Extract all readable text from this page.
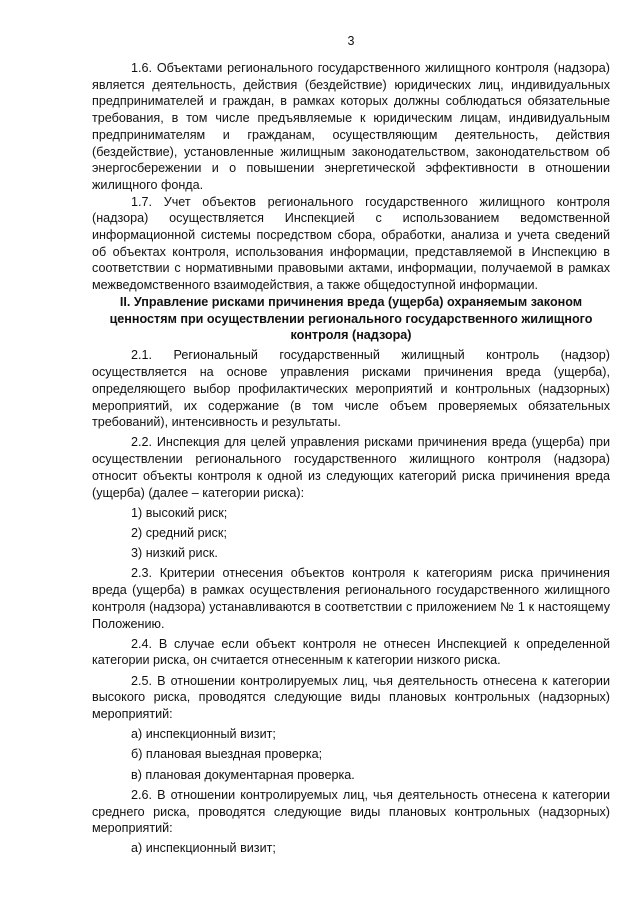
3

1.6. Объектами регионального государственного жилищного контроля (надзора) является деятельность, действия (бездействие) юридических лиц, индивидуальных предпринимателей и граждан, в рамках которых должны соблюдаться обязательные требования, в том числе предъявляемые к юридическим лицам, индивидуальным предпринимателям и гражданам, осуществляющим деятельность, действия (бездействие), установленные жилищным законодательством, законодательством об энергосбережении и о повышении энергетической эффективности в отношении жилищного фонда.

1.7. Учет объектов регионального государственного жилищного контроля (надзора) осуществляется Инспекцией с использованием ведомственной информационной системы посредством сбора, обработки, анализа и учета сведений об объектах контроля, использования информации, представляемой в Инспекцию в соответствии с нормативными правовыми актами, информации, получаемой в рамках межведомственного взаимодействия, а также общедоступной информации.

II. Управление рисками причинения вреда (ущерба) охраняемым законом ценностям при осуществлении регионального государственного жилищного контроля (надзора)

2.1. Региональный государственный жилищный контроль (надзор) осуществляется на основе управления рисками причинения вреда (ущерба), определяющего выбор профилактических мероприятий и контрольных (надзорных) мероприятий, их содержание (в том числе объем проверяемых обязательных требований), интенсивность и результаты.

2.2. Инспекция для целей управления рисками причинения вреда (ущерба) при осуществлении регионального государственного жилищного контроля (надзора) относит объекты контроля к одной из следующих категорий риска причинения вреда (ущерба) (далее – категории риска):

1) высокий риск;

2) средний риск;

3) низкий риск.

2.3. Критерии отнесения объектов контроля к категориям риска причинения вреда (ущерба) в рамках осуществления регионального государственного жилищного контроля (надзора) устанавливаются в соответствии с приложением № 1 к настоящему Положению.

2.4. В случае если объект контроля не отнесен Инспекцией к определенной категории риска, он считается отнесенным к категории низкого риска.

2.5. В отношении контролируемых лиц, чья деятельность отнесена к категории высокого риска, проводятся следующие виды плановых контрольных (надзорных) мероприятий:

а) инспекционный визит;

б) плановая выездная проверка;

в) плановая документарная проверка.

2.6. В отношении контролируемых лиц, чья деятельность отнесена к категории среднего риска, проводятся следующие виды плановых контрольных (надзорных) мероприятий:

а) инспекционный визит;
